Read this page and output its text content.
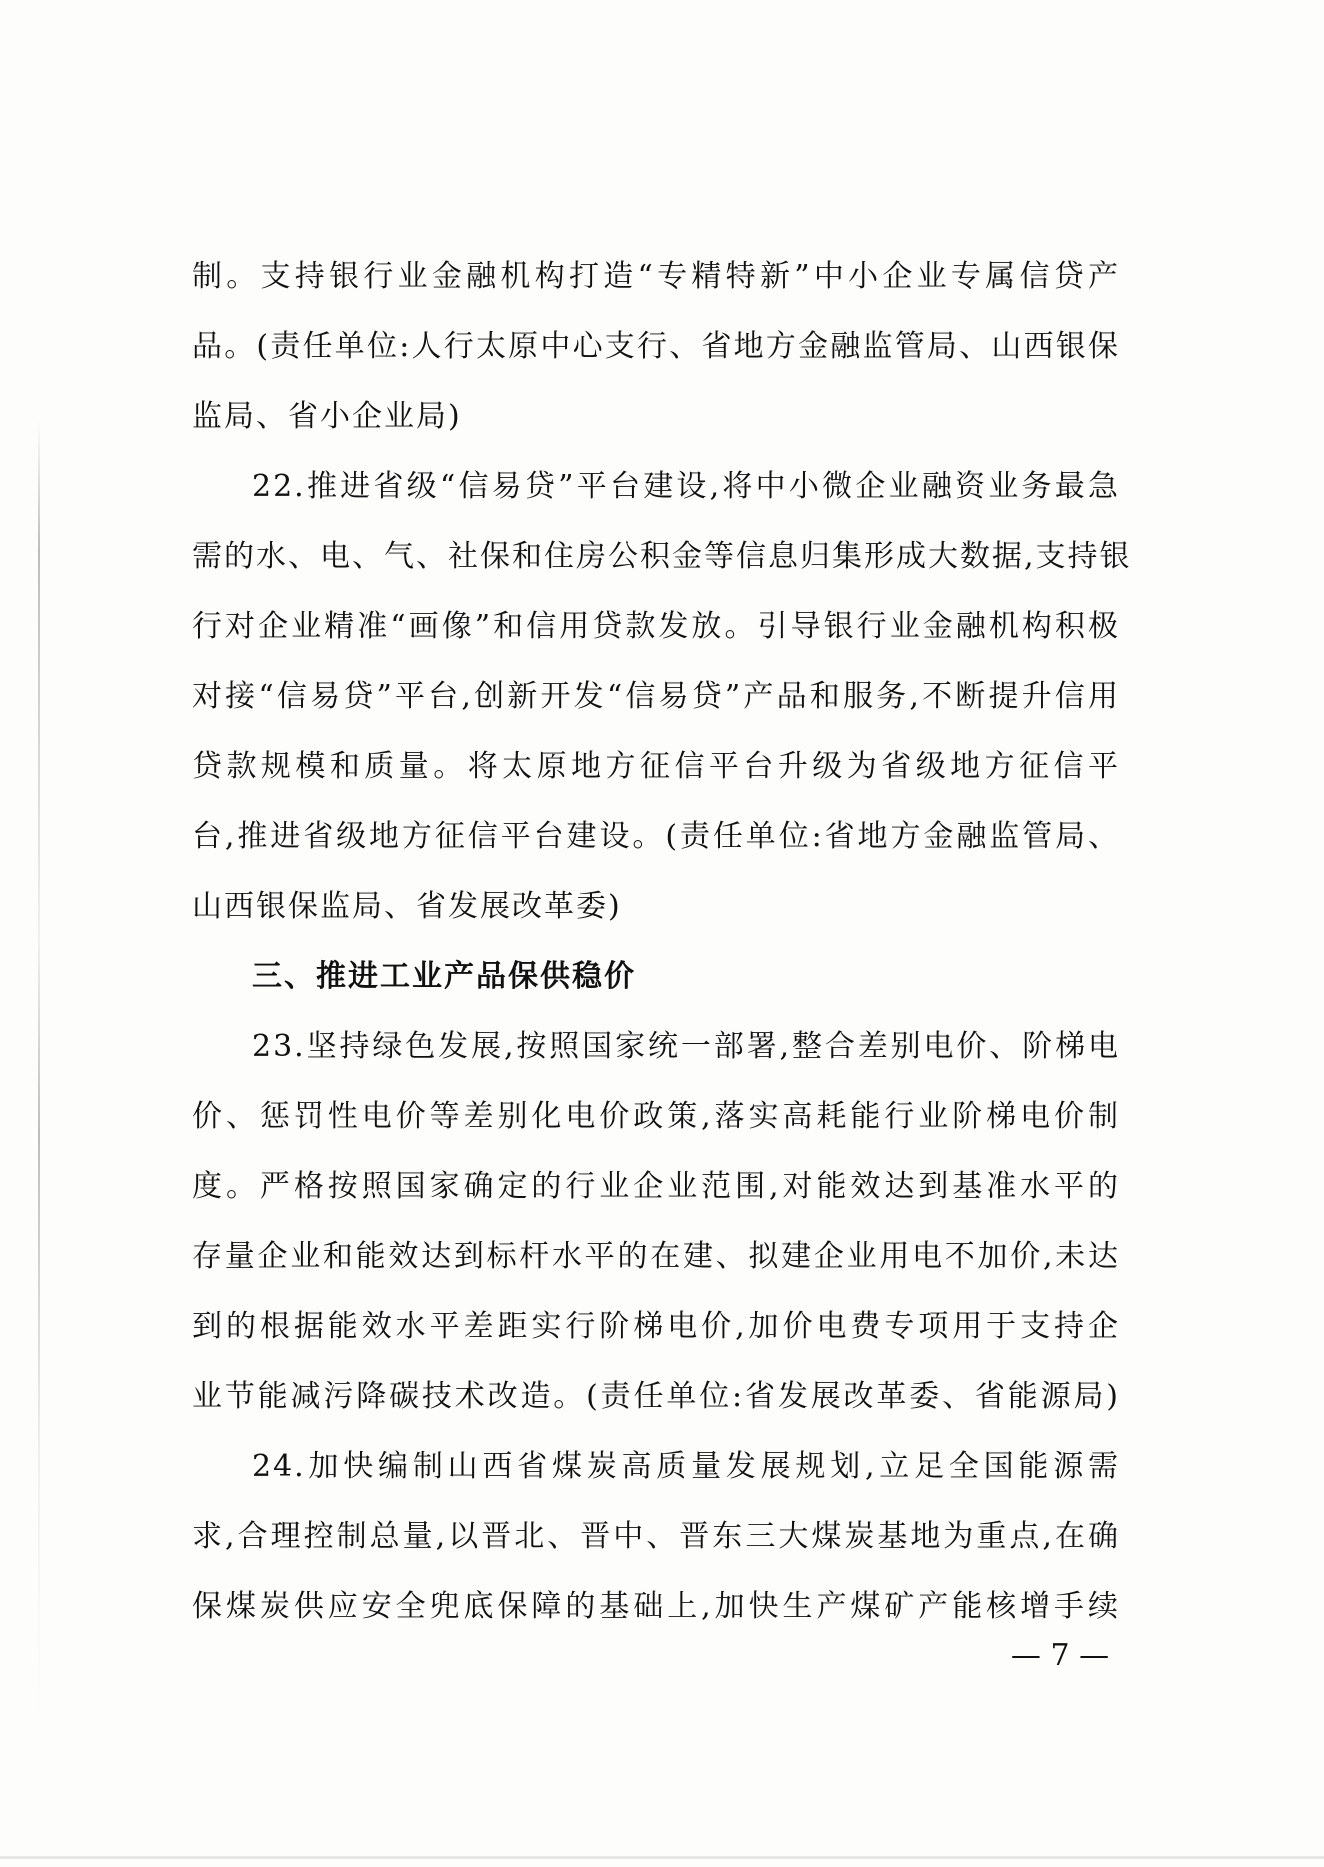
制。支持银行业金融机构打造“专精特新”中小企业专属信贷产
品。(责任单位:人行太原中心支行、省地方金融监管局、山西银保
监局、省小企业局)
22.推进省级“信易贷”平台建设,将中小微企业融资业务最急
需的水、电、气、社保和住房公积金等信息归集形成大数据,支持银
行对企业精准“画像”和信用贷款发放。引导银行业金融机构积极
对接“信易贷”平台,创新开发“信易贷”产品和服务,不断提升信用
贷款规模和质量。将太原地方征信平台升级为省级地方征信平
台,推进省级地方征信平台建设。(责任单位:省地方金融监管局、
山西银保监局、省发展改革委)
三、推进工业产品保供稳价
23.坚持绿色发展,按照国家统一部署,整合差别电价、阶梯电
价、惩罚性电价等差别化电价政策,落实高耗能行业阶梯电价制
度。严格按照国家确定的行业企业范围,对能效达到基准水平的
存量企业和能效达到标杆水平的在建、拟建企业用电不加价,未达
到的根据能效水平差距实行阶梯电价,加价电费专项用于支持企
业节能减污降碳技术改造。(责任单位:省发展改革委、省能源局)
24.加快编制山西省煤炭高质量发展规划,立足全国能源需
求,合理控制总量,以晋北、晋中、晋东三大煤炭基地为重点,在确
保煤炭供应安全兜底保障的基础上,加快生产煤矿产能核增手续
— 7 —
